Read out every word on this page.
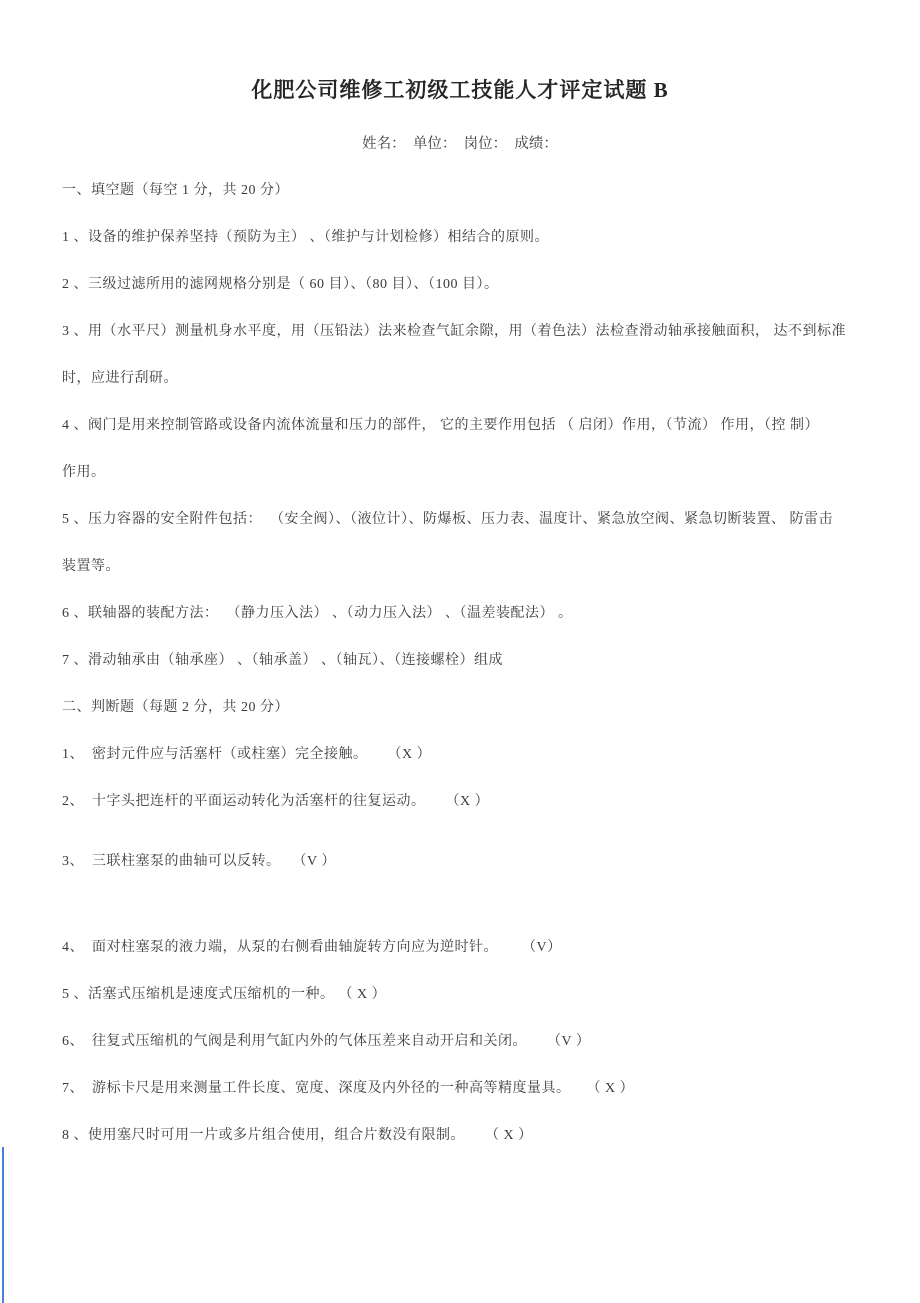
化肥公司维修工初级工技能人才评定试题 B
姓名：  单位：  岗位：  成绩：
一、填空题（每空 1 分，共 20 分）
1 、设备的维护保养坚持（预防为主） 、（维护与计划检修）相结合的原则。
2 、三级过滤所用的滤网规格分别是（ 60 目）、（80 目）、（100 目）。
3 、用（水平尺）测量机身水平度，用（压铅法）法来检查气缸余隙，用（着色法）法检查滑动轴承接触面积， 达不到标准
时，应进行刮研。
4 、阀门是用来控制管路或设备内流体流量和压力的部件， 它的主要作用包括 （ 启闭）作用，（节流） 作用，（控 制）
作用。
5 、压力容器的安全附件包括：  （安全阀）、（液位计）、防爆板、压力表、温度计、紧急放空阀、紧急切断装置、 防雷击
装置等。
6 、联轴器的装配方法：  （静力压入法） 、（动力压入法） 、（温差装配法） 。
7 、滑动轴承由（轴承座） 、（轴承盖） 、（轴瓦）、（连接螺栓）组成
二、判断题（每题 2 分，共 20 分）
1、  密封元件应与活塞杆（或柱塞）完全接触。     （X ）
2、  十字头把连杆的平面运动转化为活塞杆的往复运动。     （X ）
3、  三联柱塞泵的曲轴可以反转。   （V ）
4、  面对柱塞泵的液力端，从泵的右侧看曲轴旋转方向应为逆时针。      （V）
5 、活塞式压缩机是速度式压缩机的一种。 （ X ）
6、  往复式压缩机的气阀是利用气缸内外的气体压差来自动开启和关闭。     （V ）
7、  游标卡尺是用来测量工件长度、宽度、深度及内外径的一种高等精度量具。    （ X ）
8 、使用塞尺时可用一片或多片组合使用，组合片数没有限制。     （ X ）
